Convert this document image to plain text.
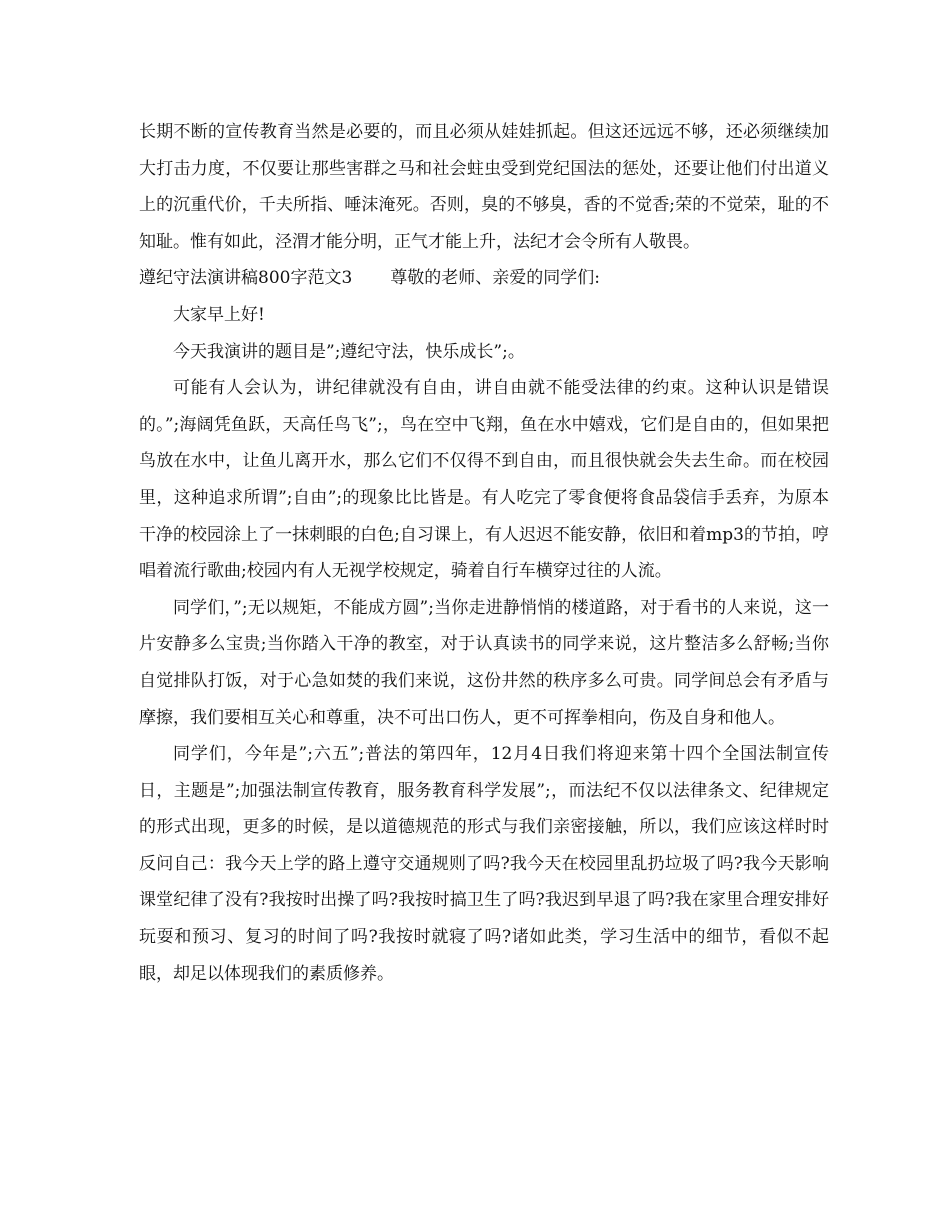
长期不断的宣传教育当然是必要的，而且必须从娃娃抓起。但这还远远不够，还必须继续加大打击力度，不仅要让那些害群之马和社会蛀虫受到党纪国法的惩处，还要让他们付出道义上的沉重代价，千夫所指、唾沫淹死。否则，臭的不够臭，香的不觉香;荣的不觉荣，耻的不知耻。惟有如此，泾渭才能分明，正气才能上升，法纪才会令所有人敬畏。

遵纪守法演讲稿800字范文3 尊敬的老师、亲爱的同学们:

大家早上好!

今天我演讲的题目是”;遵纪守法，快乐成长”;。

可能有人会认为，讲纪律就没有自由，讲自由就不能受法律的约束。这种认识是错误的。”;海阔凭鱼跃，天高任鸟飞”;，鸟在空中飞翔，鱼在水中嬉戏，它们是自由的，但如果把鸟放在水中，让鱼儿离开水，那么它们不仅得不到自由，而且很快就会失去生命。而在校园里，这种追求所谓”;自由”;的现象比比皆是。有人吃完了零食便将食品袋信手丢弃，为原本干净的校园涂上了一抹刺眼的白色;自习课上，有人迟迟不能安静，依旧和着mp3的节拍，哼唱着流行歌曲;校园内有人无视学校规定，骑着自行车横穿过往的人流。

同学们，”;无以规矩，不能成方圆”;当你走进静悄悄的楼道路，对于看书的人来说，这一片安静多么宝贵;当你踏入干净的教室，对于认真读书的同学来说，这片整洁多么舒畅;当你自觉排队打饭，对于心急如焚的我们来说，这份井然的秩序多么可贵。同学间总会有矛盾与摩擦，我们要相互关心和尊重，决不可出口伤人，更不可挥拳相向，伤及自身和他人。

同学们，今年是”;六五”;普法的第四年，12月4日我们将迎来第十四个全国法制宣传日，主题是”;加强法制宣传教育，服务教育科学发展”;，而法纪不仅以法律条文、纪律规定的形式出现，更多的时候，是以道德规范的形式与我们亲密接触，所以，我们应该这样时时反问自己：我今天上学的路上遵守交通规则了吗?我今天在校园里乱扔垃圾了吗?我今天影响课堂纪律了没有?我按时出操了吗?我按时搞卫生了吗?我迟到早退了吗?我在家里合理安排好玩耍和预习、复习的时间了吗?我按时就寝了吗?诸如此类，学习生活中的细节，看似不起眼，却足以体现我们的素质修养。
